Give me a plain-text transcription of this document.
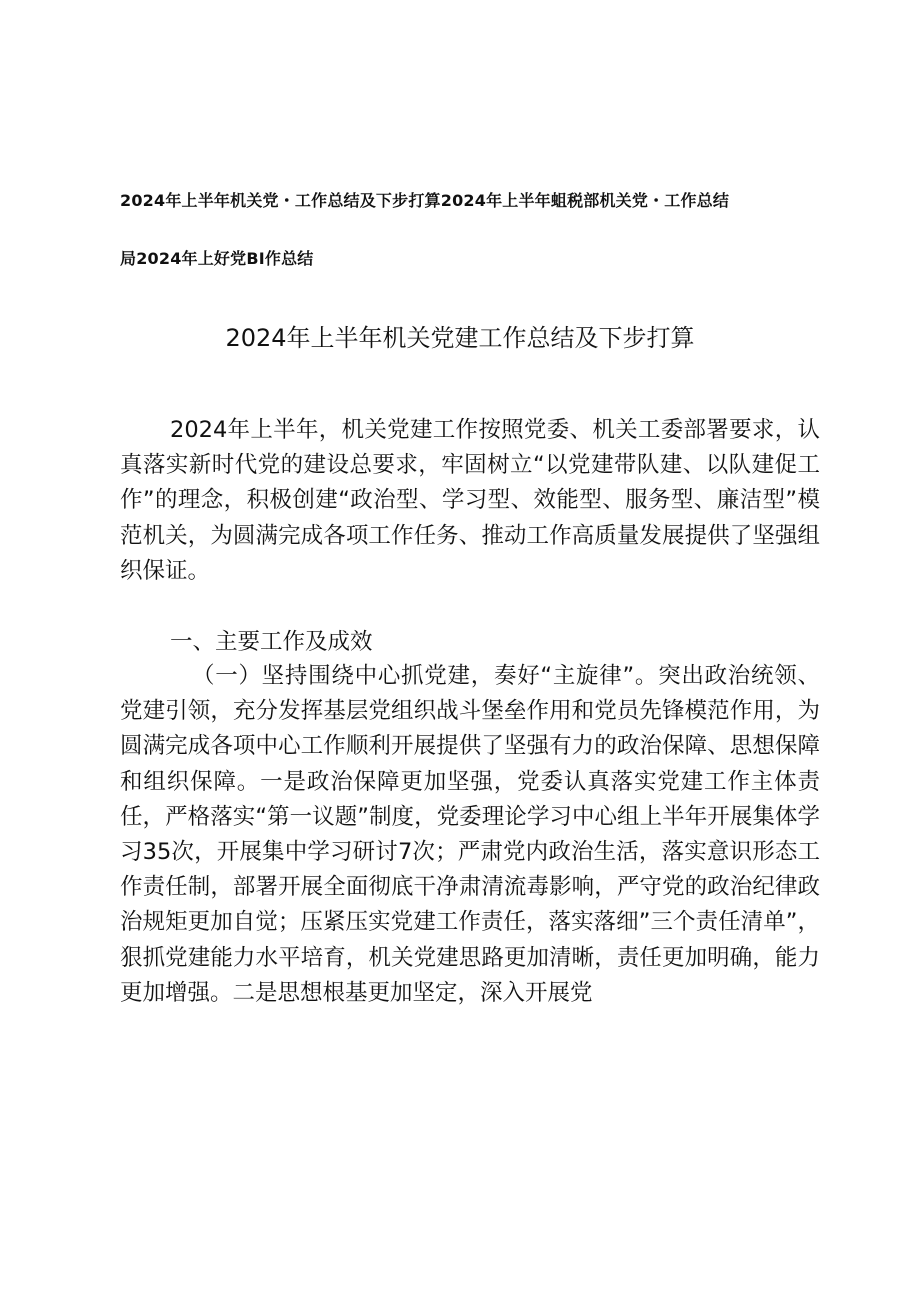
2024年上半年机关党・工作总结及下步打算2024年上半年蛆税部机关党・工作总结
局2024年上好党BI作总结
2024年上半年机关党建工作总结及下步打算

2024年上半年，机关党建工作按照党委、机关工委部署要求，认真落实新时代党的建设总要求，牢固树立“以党建带队建、以队建促工作”的理念，积极创建“政治型、学习型、效能型、服务型、廉洁型”模范机关，为圆满完成各项工作任务、推动工作高质量发展提供了坚强组织保证。

一、主要工作及成效

（一）坚持围绕中心抓党建，奏好“主旋律”。突出政治统领、党建引领，充分发挥基层党组织战斗堡垒作用和党员先锋模范作用，为圆满完成各项中心工作顺利开展提供了坚强有力的政治保障、思想保障和组织保障。一是政治保障更加坚强，党委认真落实党建工作主体责任，严格落实“第一议题”制度，党委理论学习中心组上半年开展集体学习35次，开展集中学习研讨7次；严肃党内政治生活，落实意识形态工作责任制，部署开展全面彻底干净肃清流毒影响，严守党的政治纪律政治规矩更加自觉；压紧压实党建工作责任，落实落细”三个责任清单”，狠抓党建能力水平培育，机关党建思路更加清晰，责任更加明确，能力更加增强。二是思想根基更加坚定，深入开展党
